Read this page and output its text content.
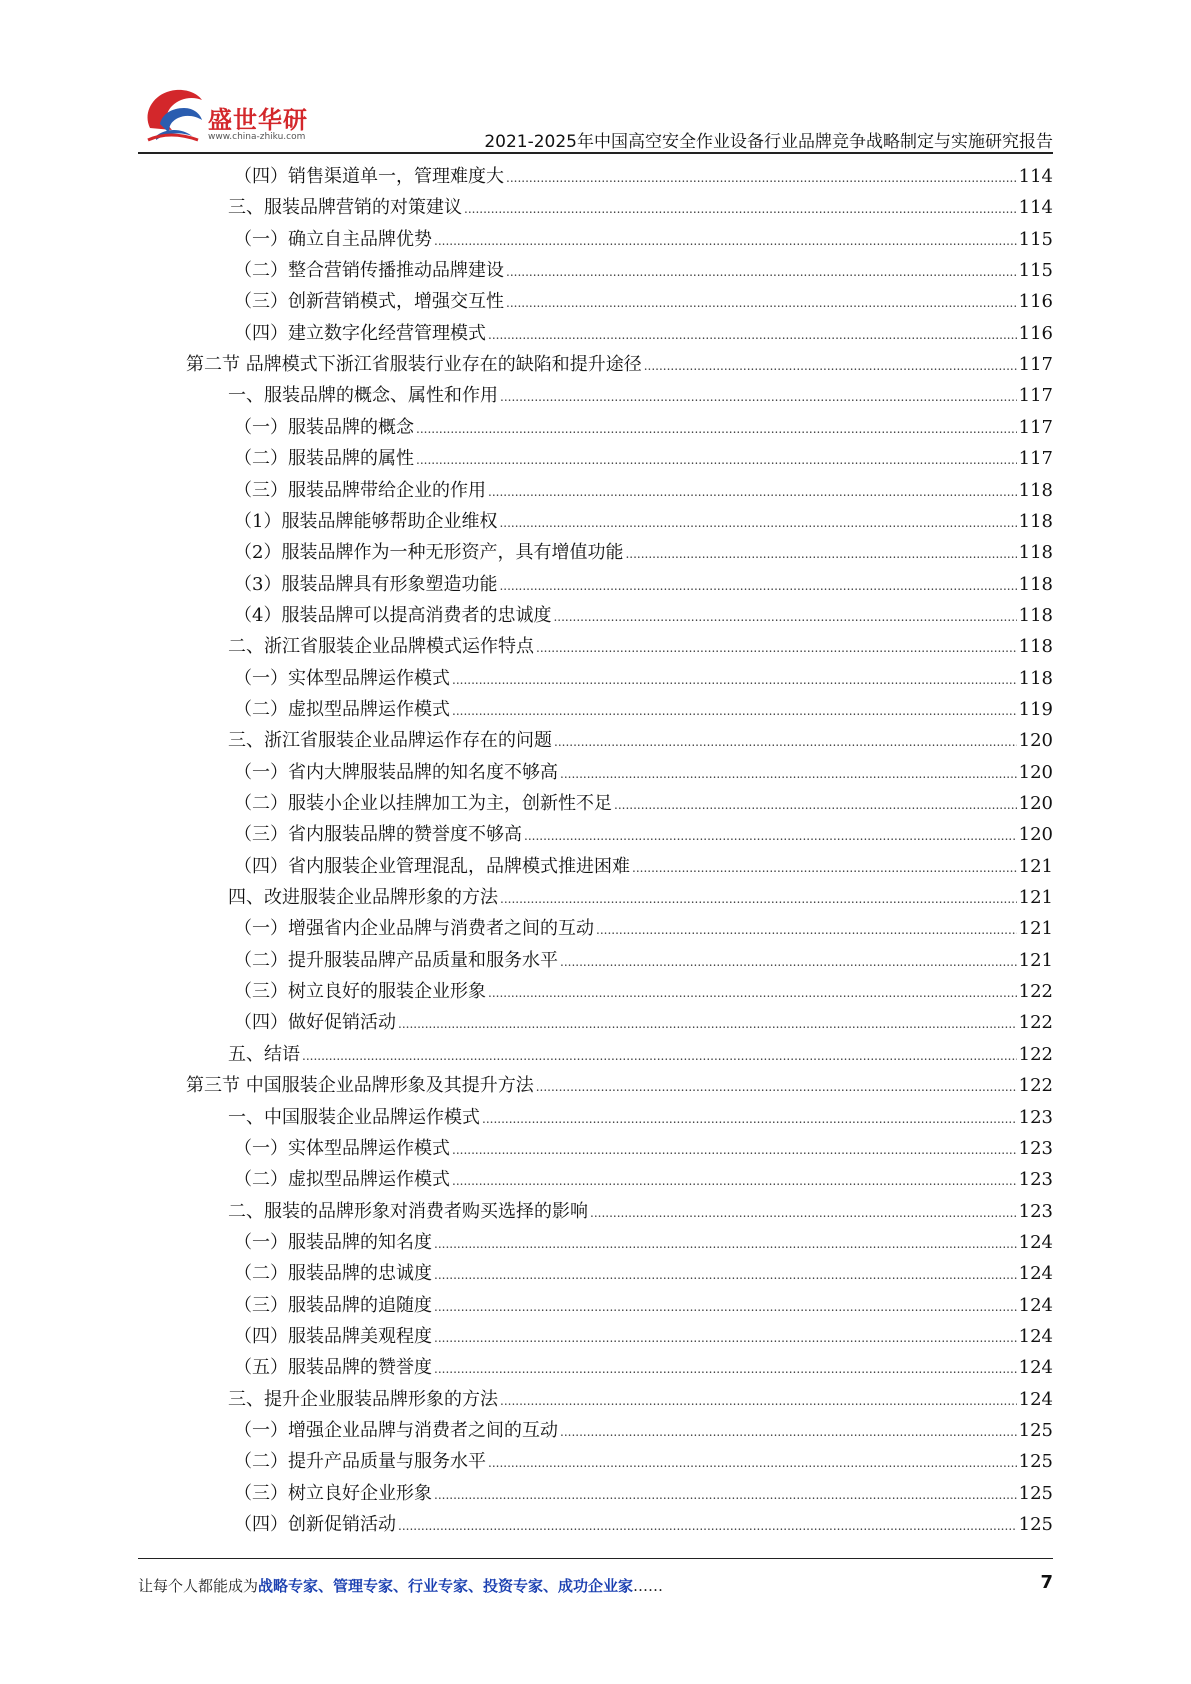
盛世华研
www.china-zhiku.com	2021-2025年中国高空安全作业设备行业品牌竞争战略制定与实施研究报告
（四）销售渠道单一，管理难度大 .....	114
三、服装品牌营销的对策建议 .....	114
（一）确立自主品牌优势 .....	115
（二）整合营销传播推动品牌建设 .....	115
（三）创新营销模式，增强交互性 .....	116
（四）建立数字化经营管理模式 .....	116
第二节 品牌模式下浙江省服装行业存在的缺陷和提升途径 .....	117
一、服装品牌的概念、属性和作用 .....	117
（一）服装品牌的概念 .....	117
（二）服装品牌的属性 .....	117
（三）服装品牌带给企业的作用 .....	118
（1）服装品牌能够帮助企业维权 .....	118
（2）服装品牌作为一种无形资产，具有增值功能 .....	118
（3）服装品牌具有形象塑造功能 .....	118
（4）服装品牌可以提高消费者的忠诚度 .....	118
二、浙江省服装企业品牌模式运作特点 .....	118
（一）实体型品牌运作模式 .....	118
（二）虚拟型品牌运作模式 .....	119
三、浙江省服装企业品牌运作存在的问题 .....	120
（一）省内大牌服装品牌的知名度不够高 .....	120
（二）服装小企业以挂牌加工为主，创新性不足 .....	120
（三）省内服装品牌的赞誉度不够高 .....	120
（四）省内服装企业管理混乱，品牌模式推进困难 .....	121
四、改进服装企业品牌形象的方法 .....	121
（一）增强省内企业品牌与消费者之间的互动 .....	121
（二）提升服装品牌产品质量和服务水平 .....	121
（三）树立良好的服装企业形象 .....	122
（四）做好促销活动 .....	122
五、结语 .....	122
第三节 中国服装企业品牌形象及其提升方法 .....	122
一、中国服装企业品牌运作模式 .....	123
（一）实体型品牌运作模式 .....	123
（二）虚拟型品牌运作模式 .....	123
二、服装的品牌形象对消费者购买选择的影响 .....	123
（一）服装品牌的知名度 .....	124
（二）服装品牌的忠诚度 .....	124
（三）服装品牌的追随度 .....	124
（四）服装品牌美观程度 .....	124
（五）服装品牌的赞誉度 .....	124
三、提升企业服装品牌形象的方法 .....	124
（一）增强企业品牌与消费者之间的互动 .....	125
（二）提升产品质量与服务水平 .....	125
（三）树立良好企业形象 .....	125
（四）创新促销活动 .....	125
让每个人都能成为战略专家、管理专家、行业专家、投资专家、成功企业家……	7
